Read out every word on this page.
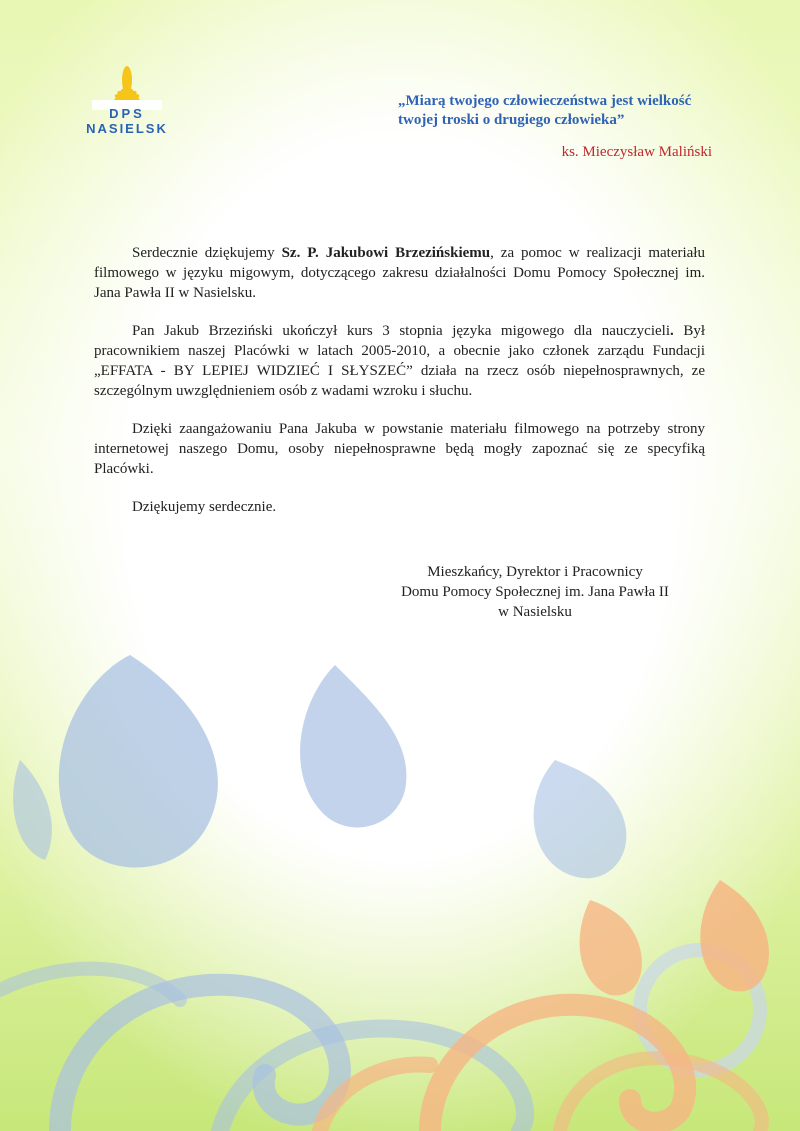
DPS
NASIELSK
„Miarą twojego człowieczeństwa jest wielkość
twojej troski o drugiego człowieka”
ks. Mieczysław Maliński

Serdecznie dziękujemy Sz. P. Jakubowi Brzezińskiemu, za pomoc w realizacji materiału filmowego w języku migowym, dotyczącego zakresu działalności Domu Pomocy Społecznej im. Jana Pawła II w Nasielsku.

Pan Jakub Brzeziński ukończył kurs 3 stopnia języka migowego dla nauczycieli. Był pracownikiem naszej Placówki w latach 2005-2010, a obecnie jako członek zarządu Fundacji „EFFATA - BY LEPIEJ WIDZIEĆ I SŁYSZEĆ” działa na rzecz osób niepełnosprawnych, ze szczególnym uwzględnieniem osób z wadami wzroku i słuchu.

Dzięki zaangażowaniu Pana Jakuba w powstanie materiału filmowego na potrzeby strony internetowej naszego Domu, osoby niepełnosprawne będą mogły zapoznać się ze specyfiką Placówki.

Dziękujemy serdecznie.

Mieszkańcy, Dyrektor i Pracownicy
Domu Pomocy Społecznej im. Jana Pawła II
w Nasielsku
